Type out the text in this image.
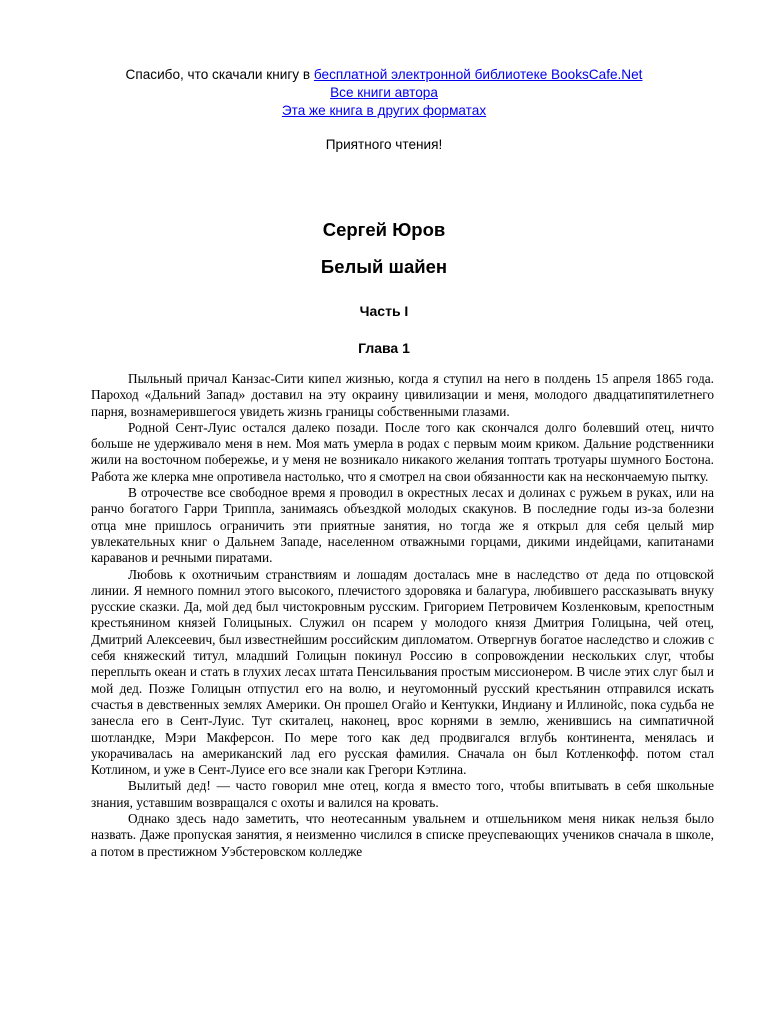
Спасибо, что скачали книгу в бесплатной электронной библиотеке BooksCafe.Net
Все книги автора
Эта же книга в других форматах
Приятного чтения!
Сергей Юров
Белый шайен
Часть I
Глава 1

Пыльный причал Канзас-Сити кипел жизнью, когда я ступил на него в полдень 15 апреля 1865 года. Пароход «Дальний Запад» доставил на эту окраину цивилизации и меня, молодого двадцатипятилетнего парня, вознамерившегося увидеть жизнь границы собственными глазами.

Родной Сент-Луис остался далеко позади. После того как скончался долго болевший отец, ничто больше не удерживало меня в нем. Моя мать умерла в родах с первым моим криком. Дальние родственники жили на восточном побережье, и у меня не возникало никакого желания топтать тротуары шумного Бостона. Работа же клерка мне опротивела настолько, что я смотрел на свои обязанности как на нескончаемую пытку.

В отрочестве все свободное время я проводил в окрестных лесах и долинах с ружьем в руках, или на ранчо богатого Гарри Триппла, занимаясь объездкой молодых скакунов. В последние годы из-за болезни отца мне пришлось ограничить эти приятные занятия, но тогда же я открыл для себя целый мир увлекательных книг о Дальнем Западе, населенном отважными горцами, дикими индейцами, капитанами караванов и речными пиратами.

Любовь к охотничьим странствиям и лошадям досталась мне в наследство от деда по отцовской линии. Я немного помнил этого высокого, плечистого здоровяка и балагура, любившего рассказывать внуку русские сказки. Да, мой дед был чистокровным русским. Григорием Петровичем Козленковым, крепостным крестьянином князей Голицыных. Служил он псарем у молодого князя Дмитрия Голицына, чей отец, Дмитрий Алексеевич, был известнейшим российским дипломатом. Отвергнув богатое наследство и сложив с себя княжеский титул, младший Голицын покинул Россию в сопровождении нескольких слуг, чтобы переплыть океан и стать в глухих лесах штата Пенсильвания простым миссионером. В числе этих слуг был и мой дед. Позже Голицын отпустил его на волю, и неугомонный русский крестьянин отправился искать счастья в девственных землях Америки. Он прошел Огайо и Кентукки, Индиану и Иллинойс, пока судьба не занесла его в Сент-Луис. Тут скиталец, наконец, врос корнями в землю, женившись на симпатичной шотландке, Мэри Макферсон. По мере того как дед продвигался вглубь континента, менялась и укорачивалась на американский лад его русская фамилия. Сначала он был Котленкофф. потом стал Котлином, и уже в Сент-Луисе его все знали как Грегори Кэтлина.

Вылитый дед! — часто говорил мне отец, когда я вместо того, чтобы впитывать в себя школьные знания, уставшим возвращался с охоты и валился на кровать.

Однако здесь надо заметить, что неотесанным увальнем и отшельником меня никак нельзя было назвать. Даже пропуская занятия, я неизменно числился в списке преуспевающих учеников сначала в школе, а потом в престижном Уэбстеровском колледже
